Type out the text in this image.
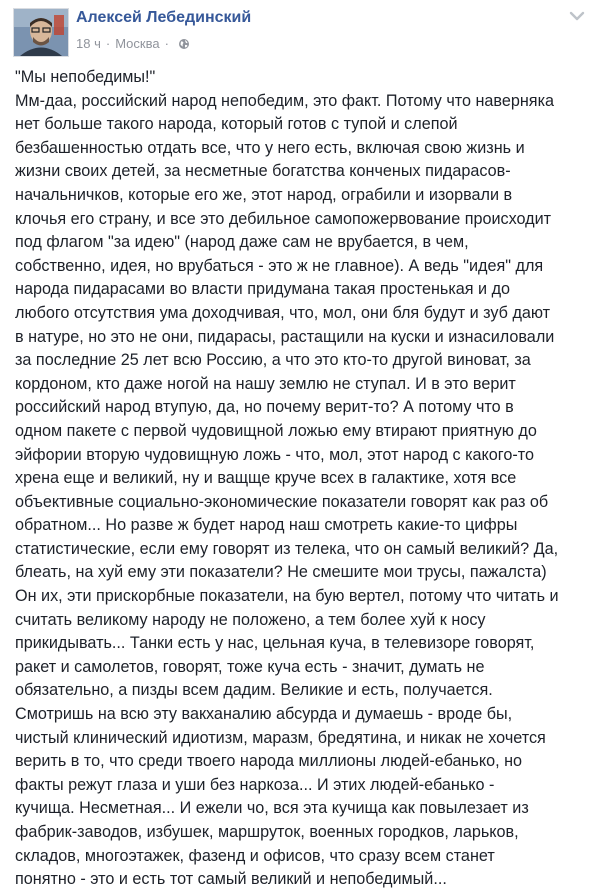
Алексей Лебединский
18 ч · Москва ·
"Мы непобедимы!"
Мм-даа, российский народ непобедим, это факт. Потому что наверняка
нет больше такого народа, который готов с тупой и слепой
безбашенностью отдать все, что у него есть, включая свою жизнь и
жизни своих детей, за несметные богатства конченых пидарасов-
начальничков, которые его же, этот народ, ограбили и изорвали в
клочья его страну, и все это дебильное самопожервование происходит
под флагом "за идею" (народ даже сам не врубается, в чем,
собственно, идея, но врубаться - это ж не главное). А ведь "идея" для
народа пидарасами во власти придумана такая простенькая и до
любого отсутствия ума доходчивая, что, мол, они бля будут и зуб дают
в натуре, но это не они, пидарасы, растащили на куски и изнасиловали
за последние 25 лет всю Россию, а что это кто-то другой виноват, за
кордоном, кто даже ногой на нашу землю не ступал. И в это верит
российский народ втупую, да, но почему верит-то? А потому что в
одном пакете с первой чудовищной ложью ему втирают приятную до
эйфории вторую чудовищную ложь - что, мол, этот народ с какого-то
хрена еще и великий, ну и ващще круче всех в галактике, хотя все
объективные социально-экономические показатели говорят как раз об
обратном... Но разве ж будет народ наш смотреть какие-то цифры
статистические, если ему говорят из телека, что он самый великий? Да,
блеать, на хуй ему эти показатели? Не смешите мои трусы, пажалста)
Он их, эти прискорбные показатели, на бую вертел, потому что читать и
считать великому народу не положено, а тем более хуй к носу
прикидывать... Танки есть у нас, цельная куча, в телевизоре говорят,
ракет и самолетов, говорят, тоже куча есть - значит, думать не
обязательно, а пизды всем дадим. Великие и есть, получается.
Смотришь на всю эту вакханалию абсурда и думаешь - вроде бы,
чистый клинический идиотизм, маразм, бредятина, и никак не хочется
верить в то, что среди твоего народа миллионы людей-ебанько, но
факты режут глаза и уши без наркоза... И этих людей-ебанько -
кучища. Несметная... И ежели чо, вся эта кучища как повылезает из
фабрик-заводов, избушек, маршруток, военных городков, ларьков,
складов, многоэтажек, фазенд и офисов, что сразу всем станет
понятно - это и есть тот самый великий и непобедимый...
